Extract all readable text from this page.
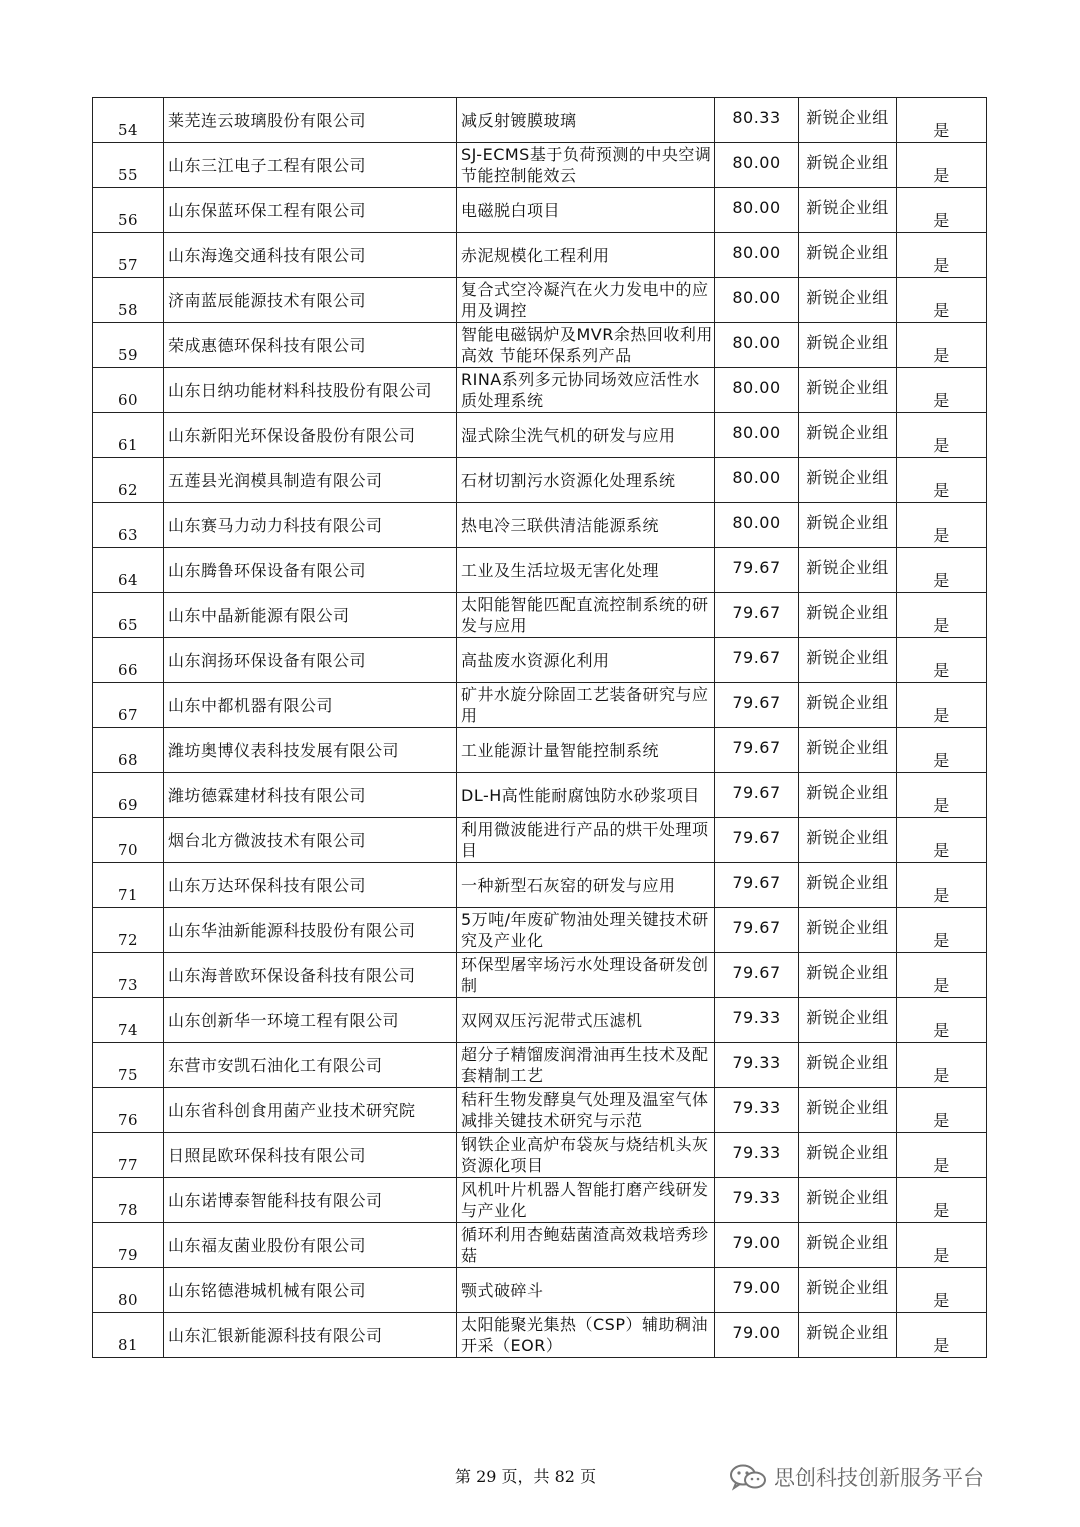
54	莱芜连云玻璃股份有限公司	减反射镀膜玻璃	80.33	新锐企业组	是

55	山东三江电子工程有限公司	SJ-ECMS基于负荷预测的中央空调节能控制能效云	80.00	新锐企业组	是

56	山东保蓝环保工程有限公司	电磁脱白项目	80.00	新锐企业组	是

57	山东海逸交通科技有限公司	赤泥规模化工程利用	80.00	新锐企业组	是

58	济南蓝辰能源技术有限公司	复合式空冷凝汽在火力发电中的应用及调控	80.00	新锐企业组	是

59	荣成惠德环保科技有限公司	智能电磁锅炉及MVR余热回收利用高效 节能环保系列产品	80.00	新锐企业组	是

60	山东日纳功能材料科技股份有限公司	RINA系列多元协同场效应活性水质处理系统	80.00	新锐企业组	是

61	山东新阳光环保设备股份有限公司	湿式除尘洗气机的研发与应用	80.00	新锐企业组	是

62	五莲县光润模具制造有限公司	石材切割污水资源化处理系统	80.00	新锐企业组	是

63	山东赛马力动力科技有限公司	热电冷三联供清洁能源系统	80.00	新锐企业组	是

64	山东腾鲁环保设备有限公司	工业及生活垃圾无害化处理	79.67	新锐企业组	是

65	山东中晶新能源有限公司	太阳能智能匹配直流控制系统的研发与应用	79.67	新锐企业组	是

66	山东润扬环保设备有限公司	高盐废水资源化利用	79.67	新锐企业组	是

67	山东中都机器有限公司	矿井水旋分除固工艺装备研究与应用	79.67	新锐企业组	是

68	潍坊奥博仪表科技发展有限公司	工业能源计量智能控制系统	79.67	新锐企业组	是

69	潍坊德霖建材科技有限公司	DL-H高性能耐腐蚀防水砂浆项目	79.67	新锐企业组	是

70	烟台北方微波技术有限公司	利用微波能进行产品的烘干处理项目	79.67	新锐企业组	是

71	山东万达环保科技有限公司	一种新型石灰窑的研发与应用	79.67	新锐企业组	是

72	山东华油新能源科技股份有限公司	5万吨/年废矿物油处理关键技术研究及产业化	79.67	新锐企业组	是

73	山东海普欧环保设备科技有限公司	环保型屠宰场污水处理设备研发创制	79.67	新锐企业组	是

74	山东创新华一环境工程有限公司	双网双压污泥带式压滤机	79.33	新锐企业组	是

75	东营市安凯石油化工有限公司	超分子精馏废润滑油再生技术及配套精制工艺	79.33	新锐企业组	是

76	山东省科创食用菌产业技术研究院	秸秆生物发酵臭气处理及温室气体减排关键技术研究与示范	79.33	新锐企业组	是

77	日照昆欧环保科技有限公司	钢铁企业高炉布袋灰与烧结机头灰资源化项目	79.33	新锐企业组	是

78	山东诺博泰智能科技有限公司	风机叶片机器人智能打磨产线研发与产业化	79.33	新锐企业组	是

79	山东福友菌业股份有限公司	循环利用杏鲍菇菌渣高效栽培秀珍菇	79.00	新锐企业组	是

80	山东铭德港城机械有限公司	颚式破碎斗	79.00	新锐企业组	是

81	山东汇银新能源科技有限公司	太阳能聚光集热（CSP）辅助稠油开采（EOR）	79.00	新锐企业组	是
第 29 页，共 82 页	思创科技创新服务平台
